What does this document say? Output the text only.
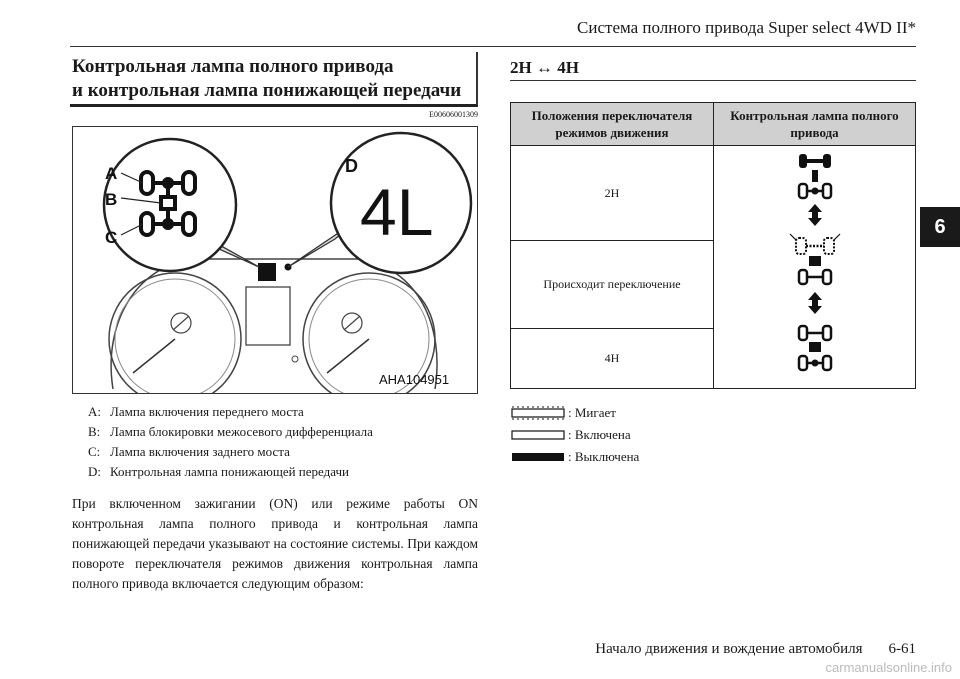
Система полного привода Super select 4WD II*
6
Контрольная лампа полного привода
и контрольная лампа понижающей передачи
E00606001309
A
B
C
D
4L
AHA104951
A: Лампа включения переднего моста
B: Лампа блокировки межосевого дифференциала
C: Лампа включения заднего моста
D: Контрольная лампа понижающей передачи
При включенном зажигании (ON) или режиме работы ON контрольная лампа полного привода и контрольная лампа понижающей передачи указывают на состояние системы. При каждом повороте переключателя режимов движения контрольная лампа полного привода включается следующим образом:
2H ↔ 4H
Положения переключателя режимов движения	Контрольная лампа полного привода
2H	
Происходит переключение	
4H	
: Мигает
: Включена
: Выключена
Начало движения и вождение автомобиля 6-61
carmanualsonline.info
